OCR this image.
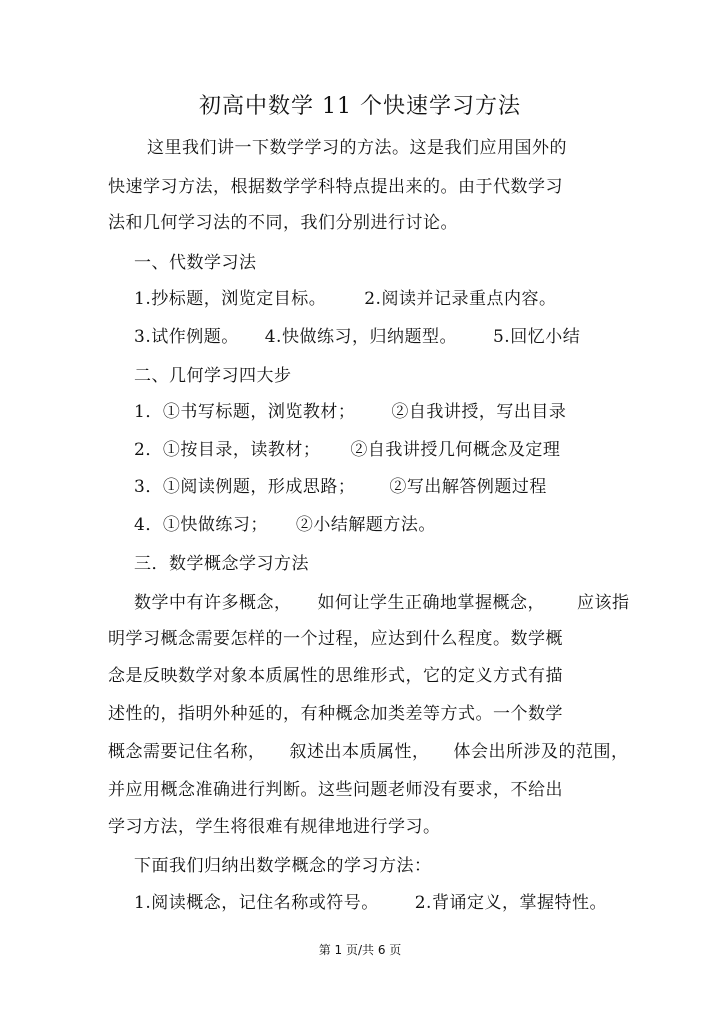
初高中数学 11 个快速学习方法
这里我们讲一下数学学习的方法。这是我们应用国外的
快速学习方法，根据数学学科特点提出来的。由于代数学习
法和几何学习法的不同，我们分别进行讨论。
一、代数学习法
1.抄标题，浏览定目标。 2.阅读并记录重点内容。
3.试作例题。 4.快做练习，归纳题型。 5.回忆小结
二、几何学习四大步
1．①书写标题，浏览教材； ②自我讲授，写出目录
2．①按目录，读教材； ②自我讲授几何概念及定理
3．①阅读例题，形成思路； ②写出解答例题过程
4．①快做练习； ②小结解题方法。
三．数学概念学习方法
数学中有许多概念， 如何让学生正确地掌握概念， 应该指
明学习概念需要怎样的一个过程，应达到什么程度。数学概
念是反映数学对象本质属性的思维形式，它的定义方式有描
述性的，指明外种延的，有种概念加类差等方式。一个数学
概念需要记住名称， 叙述出本质属性， 体会出所涉及的范围，
并应用概念准确进行判断。这些问题老师没有要求，不给出
学习方法，学生将很难有规律地进行学习。
下面我们归纳出数学概念的学习方法：
1.阅读概念，记住名称或符号。 2.背诵定义，掌握特性。
第 1 页/共 6 页
